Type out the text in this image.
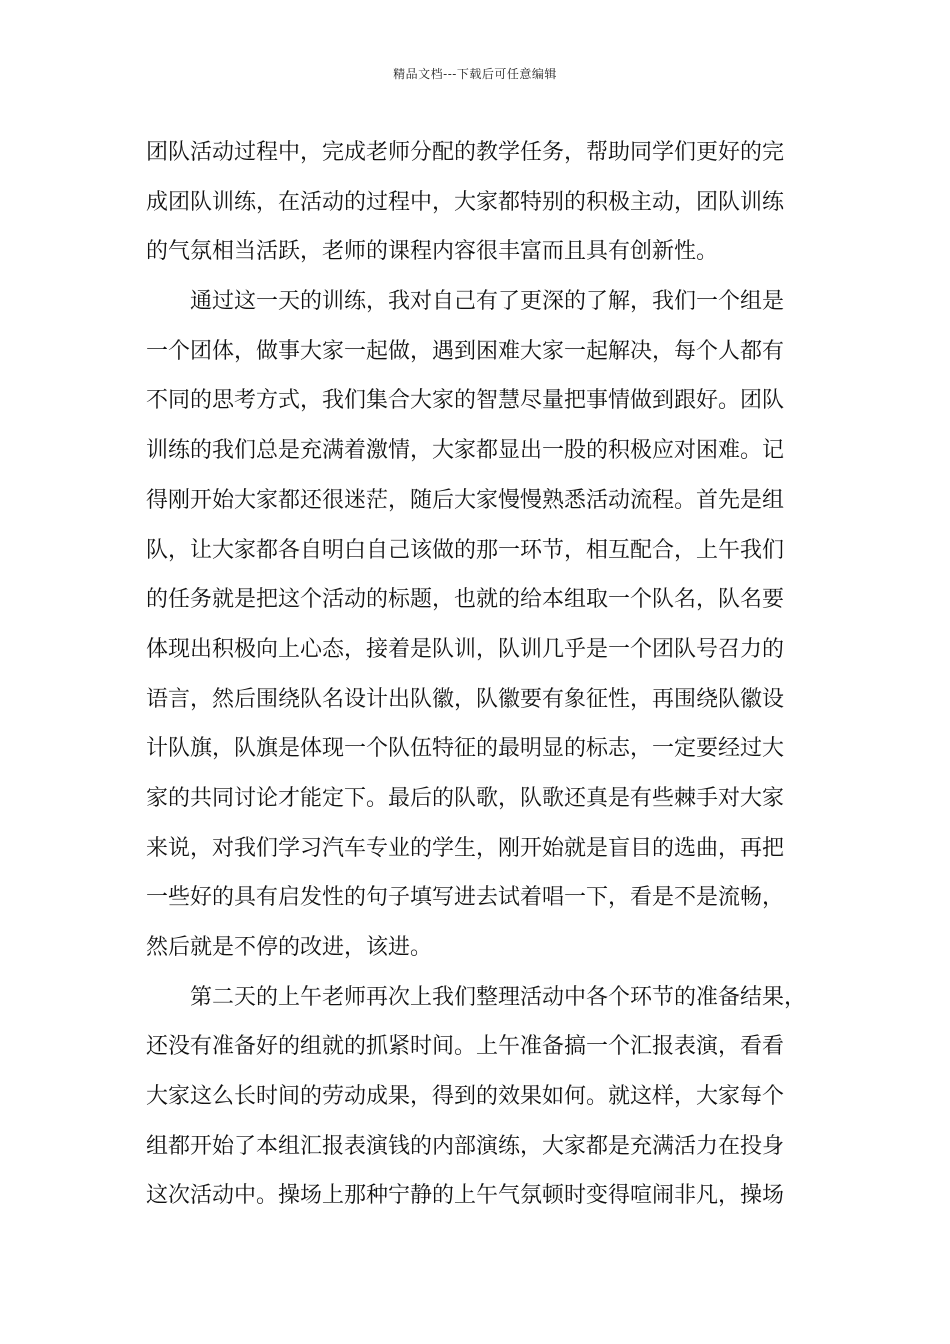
精品文档---下载后可任意编辑
团队活动过程中，完成老师分配的教学任务，帮助同学们更好的完
成团队训练，在活动的过程中，大家都特别的积极主动，团队训练
的气氛相当活跃，老师的课程内容很丰富而且具有创新性。
通过这一天的训练，我对自己有了更深的了解，我们一个组是
一个团体，做事大家一起做，遇到困难大家一起解决，每个人都有
不同的思考方式，我们集合大家的智慧尽量把事情做到跟好。团队
训练的我们总是充满着激情，大家都显出一股的积极应对困难。记
得刚开始大家都还很迷茫，随后大家慢慢熟悉活动流程。首先是组
队，让大家都各自明白自己该做的那一环节，相互配合，上午我们
的任务就是把这个活动的标题，也就的给本组取一个队名，队名要
体现出积极向上心态，接着是队训，队训几乎是一个团队号召力的
语言，然后围绕队名设计出队徽，队徽要有象征性，再围绕队徽设
计队旗，队旗是体现一个队伍特征的最明显的标志，一定要经过大
家的共同讨论才能定下。最后的队歌，队歌还真是有些棘手对大家
来说，对我们学习汽车专业的学生，刚开始就是盲目的选曲，再把
一些好的具有启发性的句子填写进去试着唱一下，看是不是流畅，
然后就是不停的改进，该进。
第二天的上午老师再次上我们整理活动中各个环节的准备结果，
还没有准备好的组就的抓紧时间。上午准备搞一个汇报表演，看看
大家这么长时间的劳动成果，得到的效果如何。就这样，大家每个
组都开始了本组汇报表演钱的内部演练，大家都是充满活力在投身
这次活动中。操场上那种宁静的上午气氛顿时变得喧闹非凡，操场
